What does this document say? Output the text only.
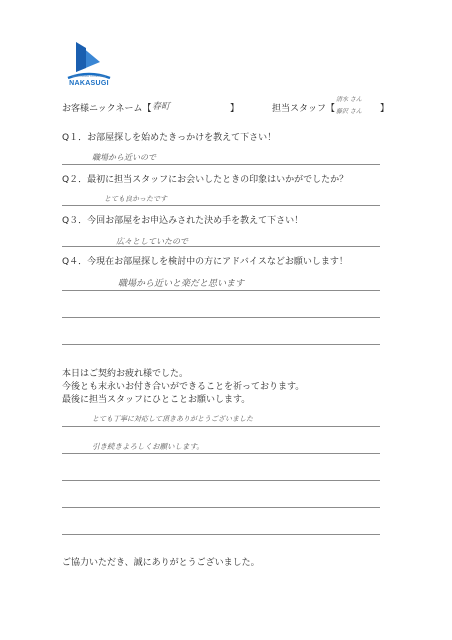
Real Estate Consulting
NAKASUGI
お客様ニックネーム【 春町	】	担当スタッフ【
清水 さん
藤沢 さん 】
Q１．お部屋探しを始めたきっかけを教えて下さい！
職場から近いので
Q２．最初に担当スタッフにお会いしたときの印象はいかがでしたか？
とても良かったです
Q３．今回お部屋をお申込みされた決め手を教えて下さい！
広々としていたので
Q４．今現在お部屋探しを検討中の方にアドバイスなどお願いします！
職場から近いと楽だと思います
本日はご契約お疲れ様でした。
今後とも末永いお付き合いができることを祈っております。
最後に担当スタッフにひとことお願いします。
とても丁寧に対応して頂きありがとうございました
引き続きよろしくお願いします。
ご協力いただき、誠にありがとうございました。
